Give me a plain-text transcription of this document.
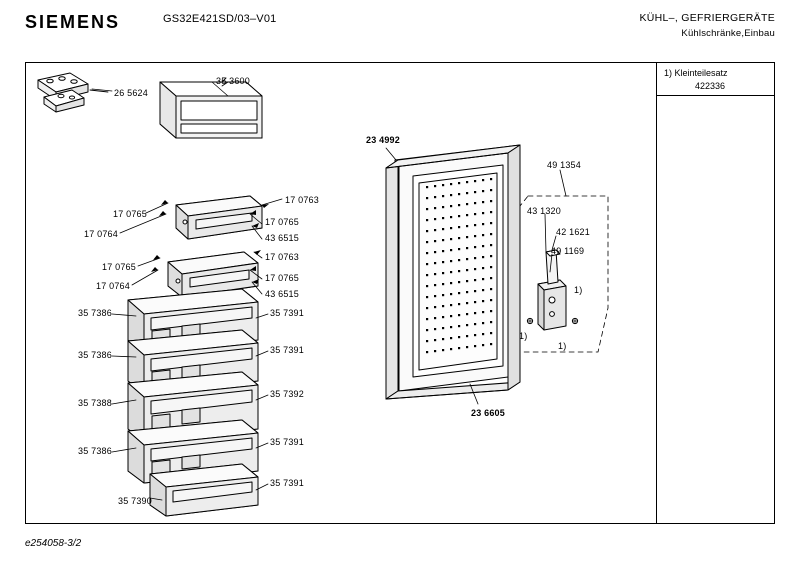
SIEMENS	GS32E421SD/03–V01	KÜHL–, GEFRIERGERÄTE
Kühlschränke,Einbau
1) Kleinteilesatz
422336
e254058-3/2
26 5624
35 3600
23 4992
49 1354
43 1320
42 1621
49 1169
23 6605
17 0765
17 0764
17 0765
17 0764
17 0763
17 0765
43 6515
17 0763
17 0765
43 6515
35 7386	35 7391
35 7386	35 7391
35 7388
35 7392
35 7386
35 7391
35 7390
35 7391
1)
1)
1)
